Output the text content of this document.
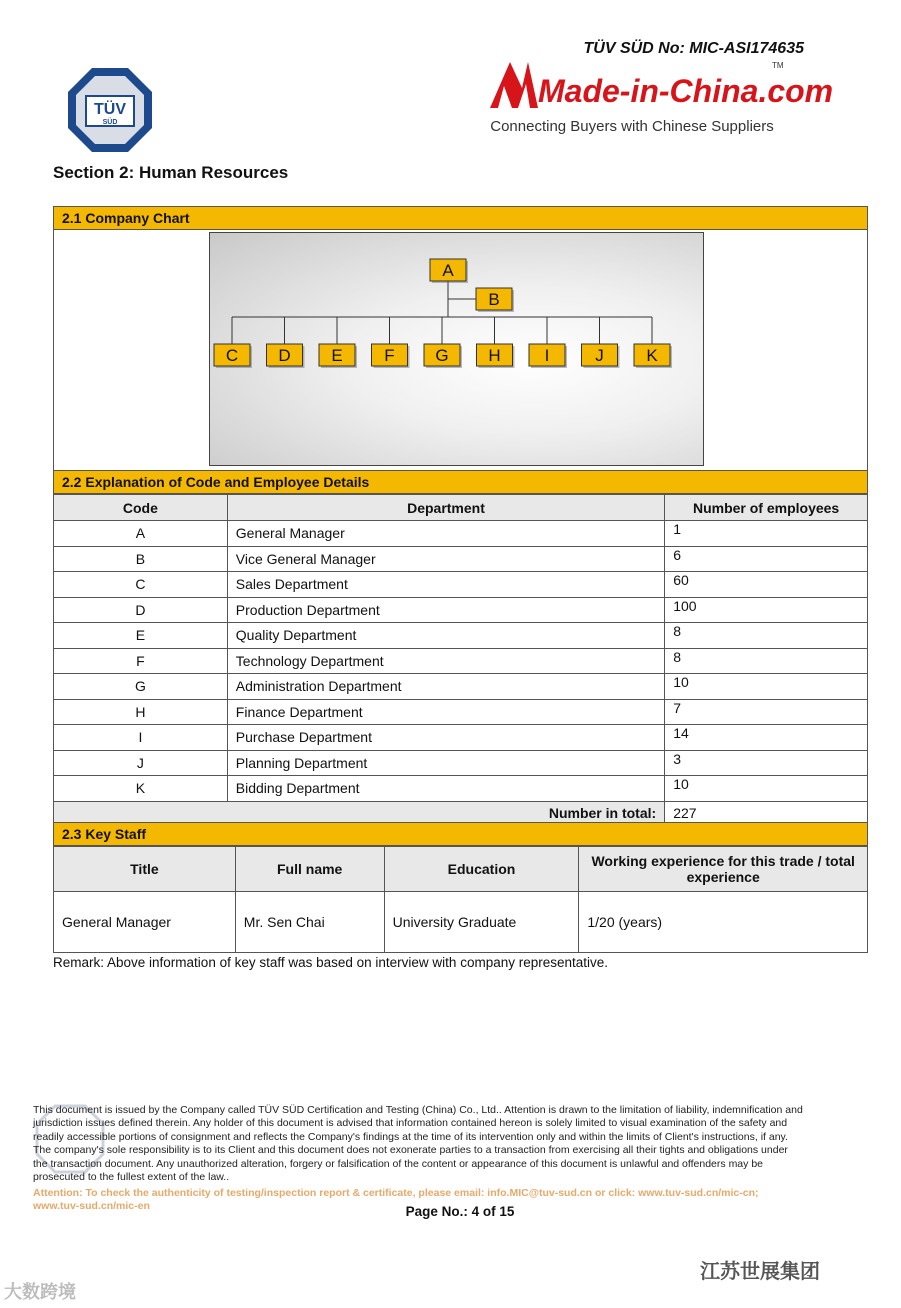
TÜV
SÜD
TÜV SÜD No: MIC-ASI174635
Made-in-China.com
TM
Connecting Buyers with Chinese Suppliers
Section 2: Human Resources
2.1 Company Chart
A
B
C D E F G H	I	J	K
2.2 Explanation of Code and Employee Details
Code	Department	Number of employees
A	General Manager	1
B	Vice General Manager	6
C	Sales Department	60
D	Production Department	100
E	Quality Department	8
F	Technology Department	8
G	Administration Department	10
H	Finance Department	7
I	Purchase Department	14
J	Planning Department	3
K	Bidding Department	10
Number in total:		227
2.3 Key Staff
Title	Full name	Education	Working experience for this trade / total experience
General Manager	Mr. Sen Chai	University Graduate	1/20 (years)
Remark: Above information of key staff was based on interview with company representative.
This document is issued by the Company called TÜV SÜD Certification and Testing (China) Co., Ltd.. Attention is drawn to the limitation of liability, indemnification and jurisdiction issues defined therein. Any holder of this document is advised that information contained hereon is solely limited to visual examination of the safety and readily accessible portions of consignment and reflects the Company's findings at the time of its intervention only and within the limits of Client's instructions, if any. The company's sole responsibility is to its Client and this document does not exonerate parties to a transaction from exercising all their tights and obligations under the transaction document. Any unauthorized alteration, forgery or falsification of the content or appearance of this document is unlawful and offenders may be prosecuted to the fullest extent of the law..
Attention: To check the authenticity of testing/inspection report & certificate, please email: info.MIC@tuv-sud.cn or click: www.tuv-sud.cn/mic-cn; www.tuv-sud.cn/mic-en	Page No.: 4 of 15
大数跨境
江苏世展集团
